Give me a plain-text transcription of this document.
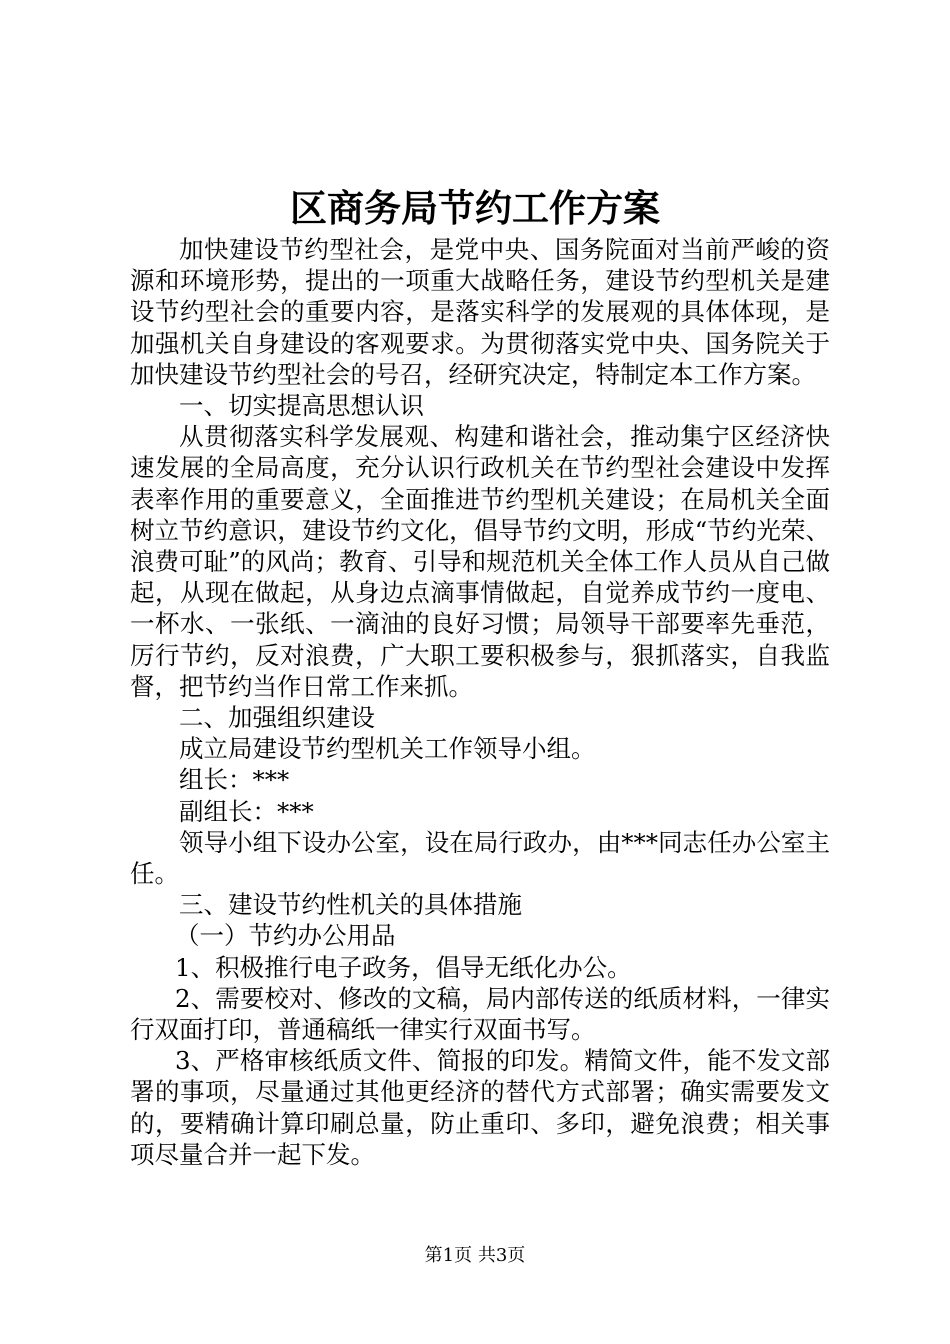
区商务局节约工作方案

加快建设节约型社会，是党中央、国务院面对当前严峻的资源和环境形势，提出的一项重大战略任务，建设节约型机关是建设节约型社会的重要内容，是落实科学的发展观的具体体现，是加强机关自身建设的客观要求。为贯彻落实党中央、国务院关于加快建设节约型社会的号召，经研究决定，特制定本工作方案。

一、切实提高思想认识

从贯彻落实科学发展观、构建和谐社会，推动集宁区经济快速发展的全局高度，充分认识行政机关在节约型社会建设中发挥表率作用的重要意义，全面推进节约型机关建设；在局机关全面树立节约意识，建设节约文化，倡导节约文明，形成“节约光荣、浪费可耻”的风尚；教育、引导和规范机关全体工作人员从自己做起，从现在做起，从身边点滴事情做起，自觉养成节约一度电、一杯水、一张纸、一滴油的良好习惯；局领导干部要率先垂范，厉行节约，反对浪费，广大职工要积极参与，狠抓落实，自我监督，把节约当作日常工作来抓。

二、加强组织建设

成立局建设节约型机关工作领导小组。

组长：***

副组长：***

领导小组下设办公室，设在局行政办，由***同志任办公室主任。

三、建设节约性机关的具体措施

（一）节约办公用品

1、积极推行电子政务，倡导无纸化办公。

2、需要校对、修改的文稿，局内部传送的纸质材料，一律实行双面打印，普通稿纸一律实行双面书写。

3、严格审核纸质文件、简报的印发。精简文件，能不发文部署的事项，尽量通过其他更经济的替代方式部署；确实需要发文的，要精确计算印刷总量，防止重印、多印，避免浪费；相关事项尽量合并一起下发。

第1页 共3页
